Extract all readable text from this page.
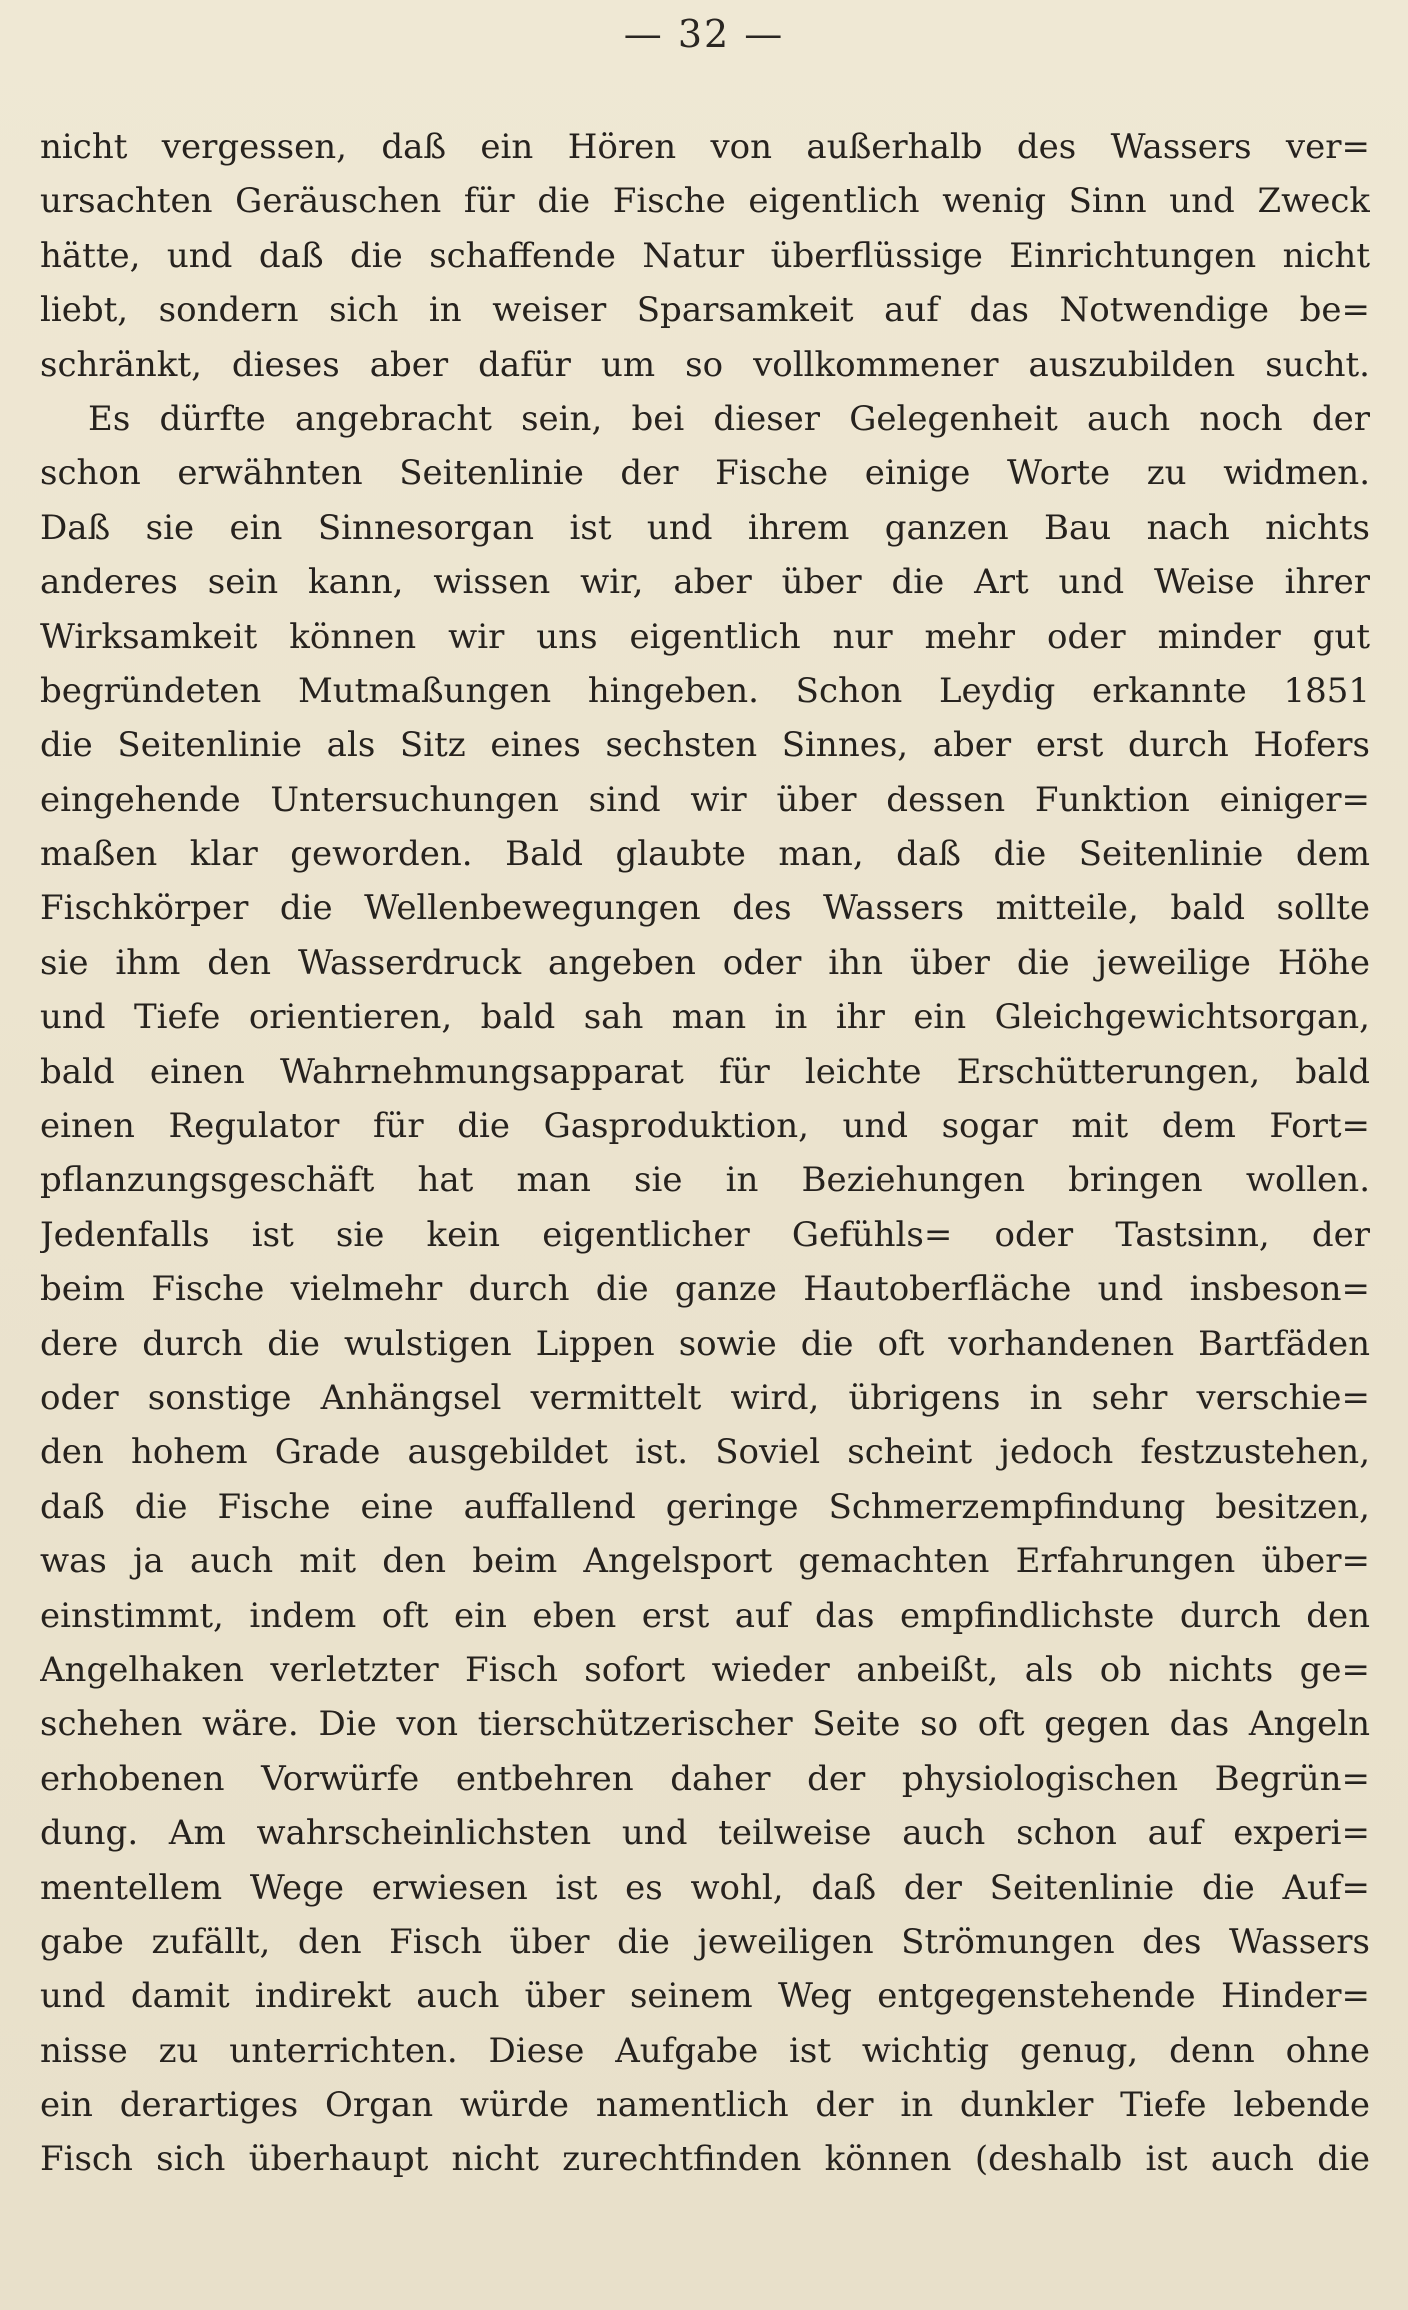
— 32 —
nicht vergessen, daß ein Hören von außerhalb des Wassers ver=
ursachten Geräuschen für die Fische eigentlich wenig Sinn und Zweck
hätte, und daß die schaffende Natur überflüssige Einrichtungen nicht
liebt, sondern sich in weiser Sparsamkeit auf das Notwendige be=
schränkt, dieses aber dafür um so vollkommener auszubilden sucht.
Es dürfte angebracht sein, bei dieser Gelegenheit auch noch der
schon erwähnten Seitenlinie der Fische einige Worte zu widmen.
Daß sie ein Sinnesorgan ist und ihrem ganzen Bau nach nichts
anderes sein kann, wissen wir, aber über die Art und Weise ihrer
Wirksamkeit können wir uns eigentlich nur mehr oder minder gut
begründeten Mutmaßungen hingeben. Schon Leydig erkannte 1851
die Seitenlinie als Sitz eines sechsten Sinnes, aber erst durch Hofers
eingehende Untersuchungen sind wir über dessen Funktion einiger=
maßen klar geworden. Bald glaubte man, daß die Seitenlinie dem
Fischkörper die Wellenbewegungen des Wassers mitteile, bald sollte
sie ihm den Wasserdruck angeben oder ihn über die jeweilige Höhe
und Tiefe orientieren, bald sah man in ihr ein Gleichgewichtsorgan,
bald einen Wahrnehmungsapparat für leichte Erschütterungen, bald
einen Regulator für die Gasproduktion, und sogar mit dem Fort=
pflanzungsgeschäft hat man sie in Beziehungen bringen wollen.
Jedenfalls ist sie kein eigentlicher Gefühls= oder Tastsinn, der
beim Fische vielmehr durch die ganze Hautoberfläche und insbeson=
dere durch die wulstigen Lippen sowie die oft vorhandenen Bartfäden
oder sonstige Anhängsel vermittelt wird, übrigens in sehr verschie=
den hohem Grade ausgebildet ist. Soviel scheint jedoch festzustehen,
daß die Fische eine auffallend geringe Schmerzempfindung besitzen,
was ja auch mit den beim Angelsport gemachten Erfahrungen über=
einstimmt, indem oft ein eben erst auf das empfindlichste durch den
Angelhaken verletzter Fisch sofort wieder anbeißt, als ob nichts ge=
schehen wäre. Die von tierschützerischer Seite so oft gegen das Angeln
erhobenen Vorwürfe entbehren daher der physiologischen Begrün=
dung. Am wahrscheinlichsten und teilweise auch schon auf experi=
mentellem Wege erwiesen ist es wohl, daß der Seitenlinie die Auf=
gabe zufällt, den Fisch über die jeweiligen Strömungen des Wassers
und damit indirekt auch über seinem Weg entgegenstehende Hinder=
nisse zu unterrichten. Diese Aufgabe ist wichtig genug, denn ohne
ein derartiges Organ würde namentlich der in dunkler Tiefe lebende
Fisch sich überhaupt nicht zurechtfinden können (deshalb ist auch die
